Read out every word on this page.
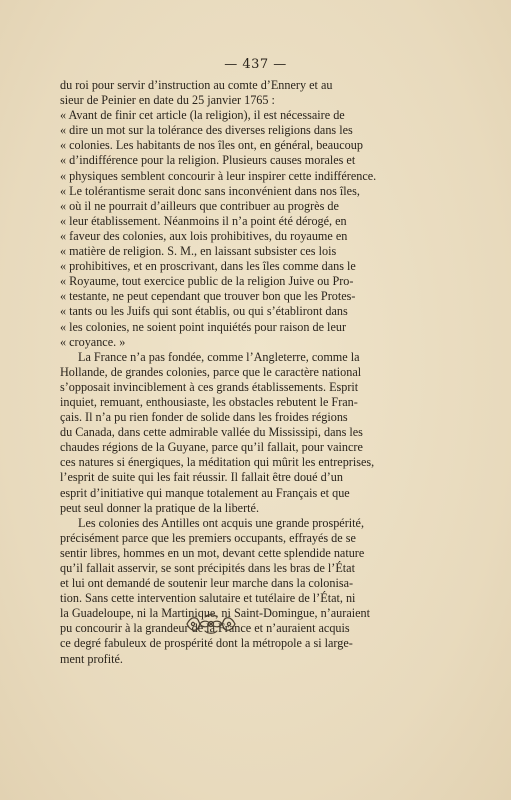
— 437 —

du roi pour servir d’instruction au comte d’Ennery et au
sieur de Peinier en date du 25 janvier 1765 :
« Avant de finir cet article (la religion), il est nécessaire de
« dire un mot sur la tolérance des diverses religions dans les
« colonies. Les habitants de nos îles ont, en général, beaucoup
« d’indifférence pour la religion. Plusieurs causes morales et
« physiques semblent concourir à leur inspirer cette indifférence.
« Le tolérantisme serait donc sans inconvénient dans nos îles,
« où il ne pourrait d’ailleurs que contribuer au progrès de
« leur établissement. Néanmoins il n’a point été dérogé, en
« faveur des colonies, aux lois prohibitives, du royaume en
« matière de religion. S. M., en laissant subsister ces lois
« prohibitives, et en proscrivant, dans les îles comme dans le
« Royaume, tout exercice public de la religion Juive ou Pro-
« testante, ne peut cependant que trouver bon que les Protes-
« tants ou les Juifs qui sont établis, ou qui s’établiront dans
« les colonies, ne soient point inquiétés pour raison de leur
« croyance. »

La France n’a pas fondée, comme l’Angleterre, comme la
Hollande, de grandes colonies, parce que le caractère national
s’opposait invinciblement à ces grands établissements. Esprit
inquiet, remuant, enthousiaste, les obstacles rebutent le Fran-
çais. Il n’a pu rien fonder de solide dans les froides régions
du Canada, dans cette admirable vallée du Mississipi, dans les
chaudes régions de la Guyane, parce qu’il fallait, pour vaincre
ces natures si énergiques, la méditation qui mûrit les entreprises,
l’esprit de suite qui les fait réussir. Il fallait être doué d’un
esprit d’initiative qui manque totalement au Français et que
peut seul donner la pratique de la liberté.

Les colonies des Antilles ont acquis une grande prospérité,
précisément parce que les premiers occupants, effrayés de se
sentir libres, hommes en un mot, devant cette splendide nature
qu’il fallait asservir, se sont précipités dans les bras de l’État
et lui ont demandé de soutenir leur marche dans la colonisa-
tion. Sans cette intervention salutaire et tutélaire de l’État, ni
la Guadeloupe, ni la Martinique, ni Saint-Domingue, n’auraient
pu concourir à la grandeur de la France et n’auraient acquis
ce degré fabuleux de prospérité dont la métropole a si large-
ment profité.
